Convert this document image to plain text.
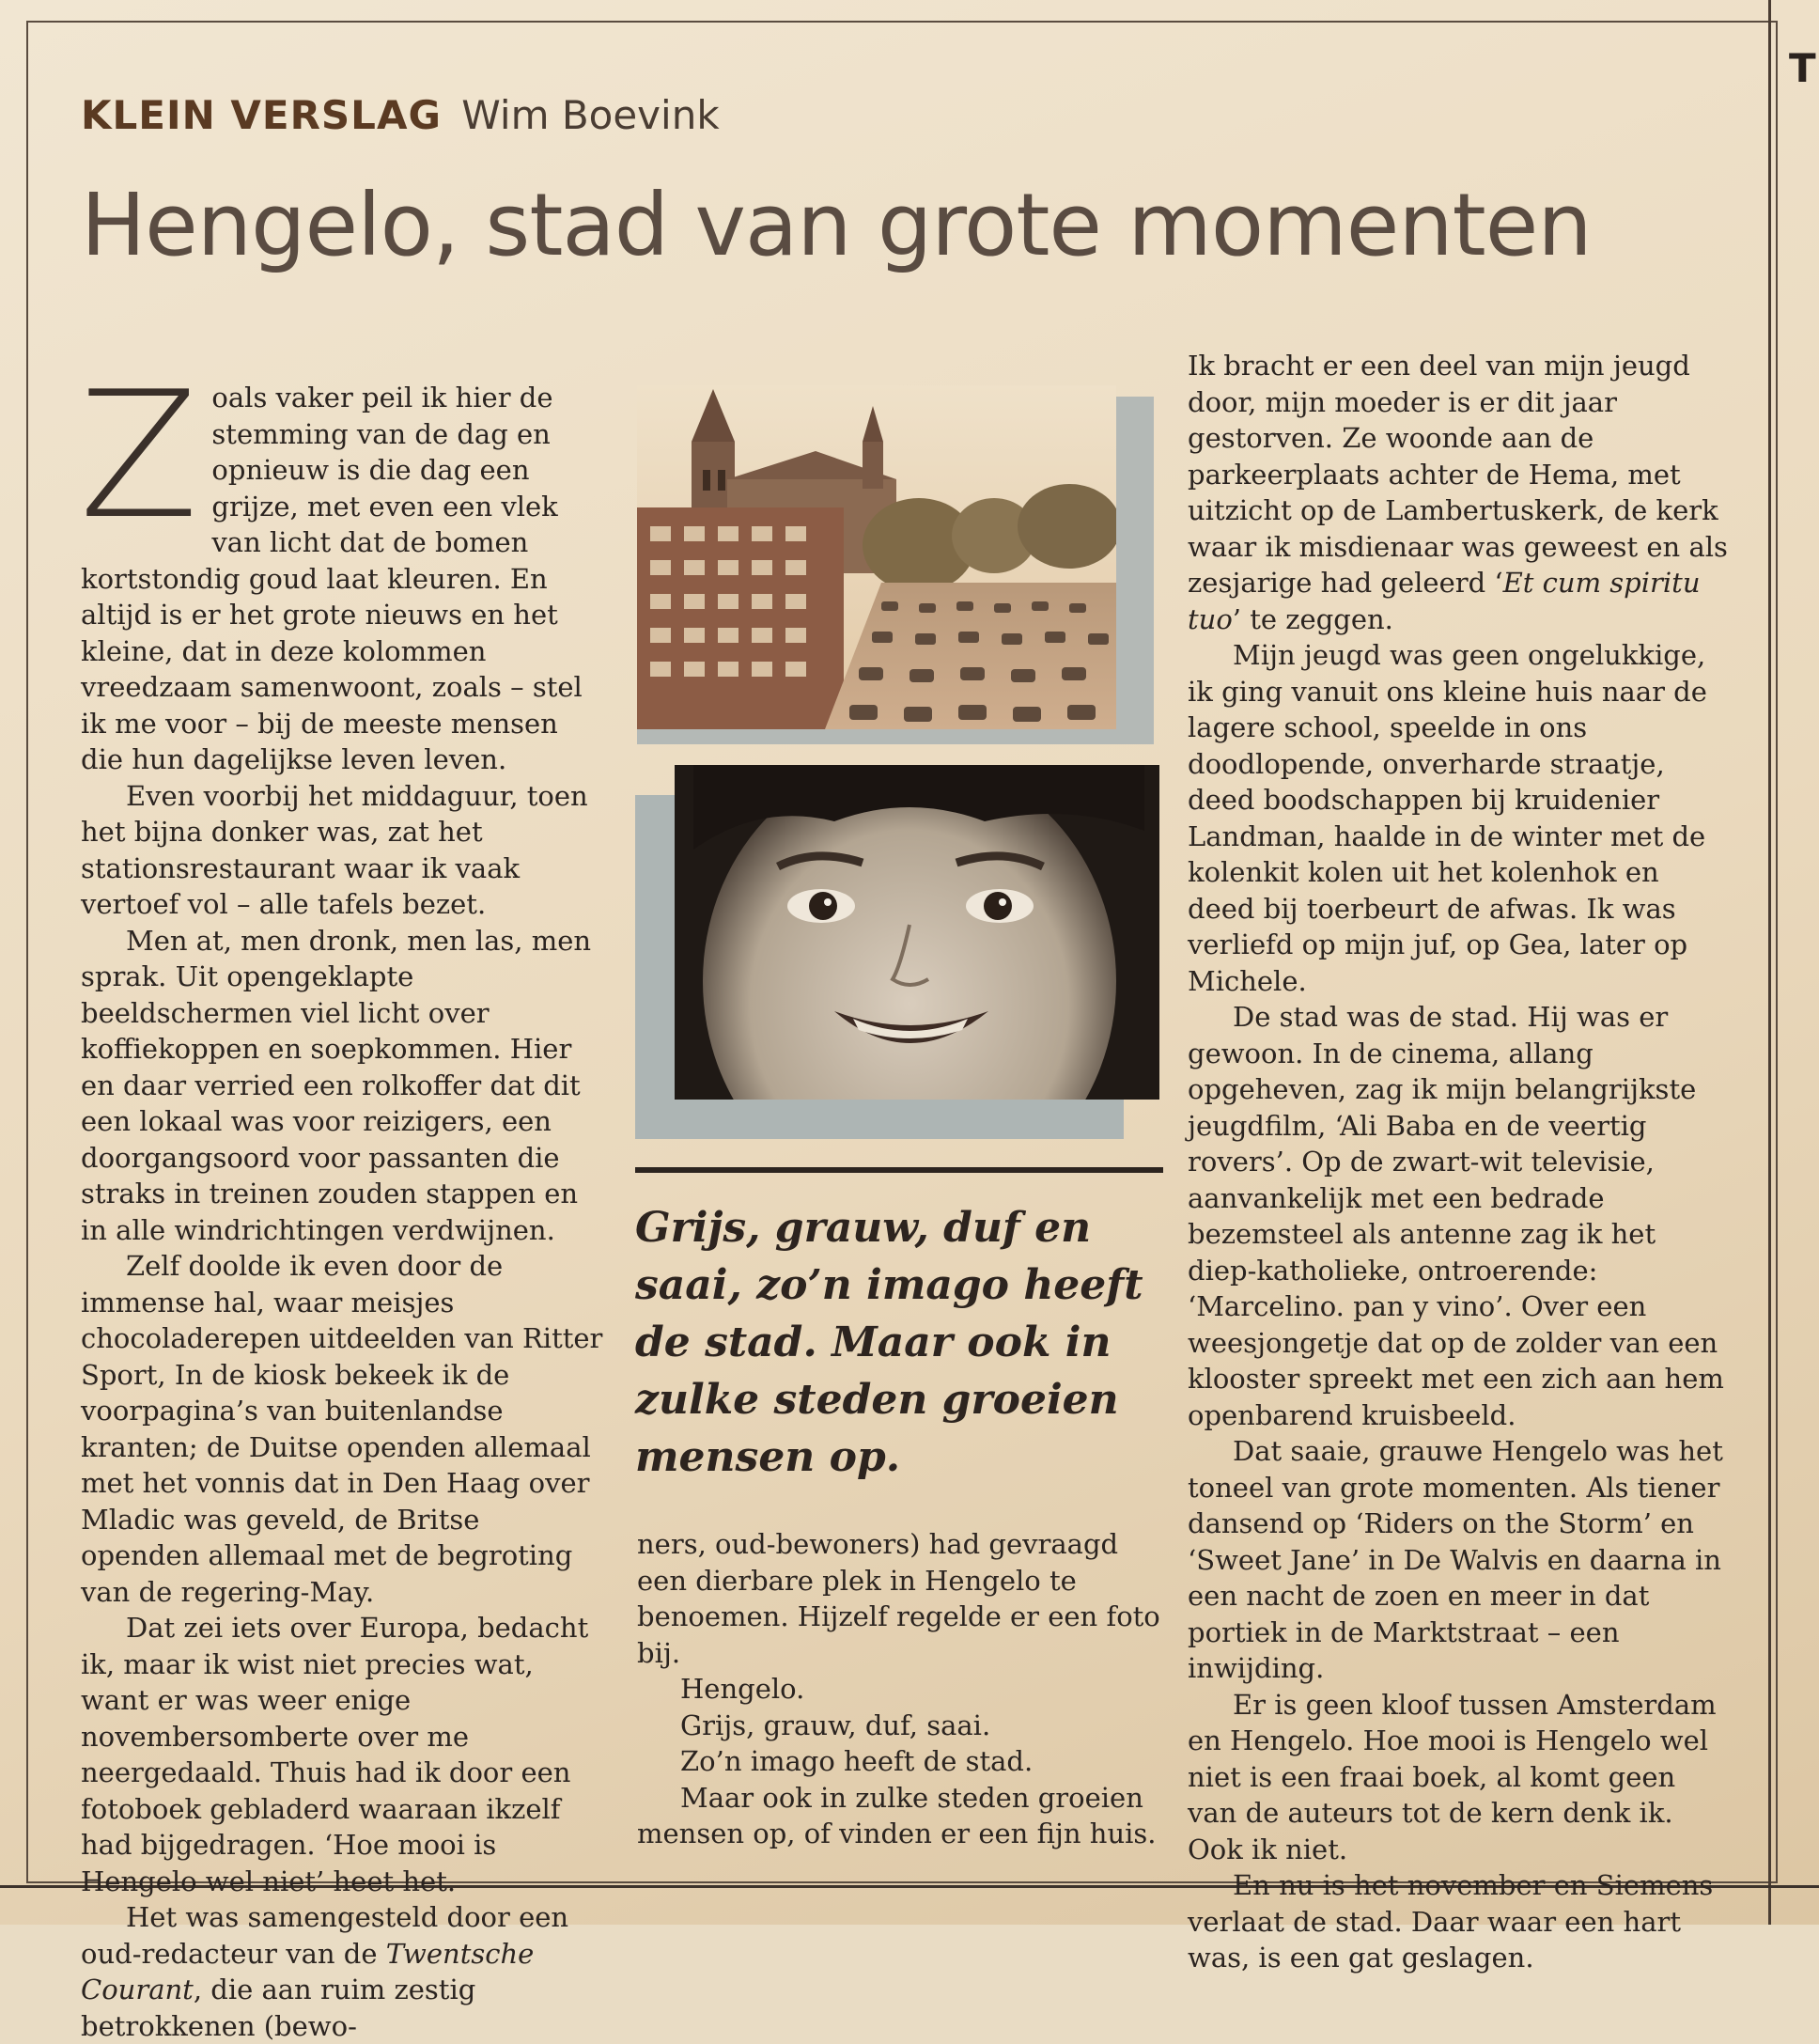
T
KLEIN VERSLAG Wim Boevink
Hengelo, stad van grote momenten

Zoals vaker peil ik hier de stemming van de dag en opnieuw is die dag een grijze, met even een vlek van licht dat de bomen kortstondig goud laat kleuren. En altijd is er het grote nieuws en het kleine, dat in deze kolommen vreedzaam samenwoont, zoals – stel ik me voor – bij de meeste mensen die hun dagelijkse leven leven.

Even voorbij het middaguur, toen het bijna donker was, zat het stationsrestaurant waar ik vaak vertoef vol – alle tafels bezet.

Men at, men dronk, men las, men sprak. Uit opengeklapte beeldschermen viel licht over koffiekoppen en soepkommen. Hier en daar verried een rolkoffer dat dit een lokaal was voor reizigers, een doorgangsoord voor passanten die straks in treinen zouden stappen en in alle windrichtingen verdwijnen.

Zelf doolde ik even door de immense hal, waar meisjes chocoladerepen uitdeelden van Ritter Sport, In de kiosk bekeek ik de voorpagina’s van buitenlandse kranten; de Duitse openden allemaal met het vonnis dat in Den Haag over Mladic was geveld, de Britse openden allemaal met de begroting van de regering-May.

Dat zei iets over Europa, bedacht ik, maar ik wist niet precies wat, want er was weer enige novembersomberte over me neergedaald. Thuis had ik door een fotoboek gebladerd waaraan ikzelf had bijgedragen. ‘Hoe mooi is Hengelo wel niet’ heet het.

Het was samengesteld door een oud-redacteur van de Twentsche Courant, die aan ruim zestig betrokkenen (bewo-

Grijs, grauw, duf en saai, zo’n imago heeft de stad. Maar ook in zulke steden groeien mensen op.

ners, oud-bewoners) had gevraagd een dierbare plek in Hengelo te benoemen. Hijzelf regelde er een foto bij.

Hengelo.

Grijs, grauw, duf, saai.

Zo’n imago heeft de stad.

Maar ook in zulke steden groeien mensen op, of vinden er een fijn huis.

Ik bracht er een deel van mijn jeugd door, mijn moeder is er dit jaar gestorven. Ze woonde aan de parkeerplaats achter de Hema, met uitzicht op de Lambertuskerk, de kerk waar ik misdienaar was geweest en als zesjarige had geleerd ‘Et cum spiritu tuo’ te zeggen.

Mijn jeugd was geen ongelukkige, ik ging vanuit ons kleine huis naar de lagere school, speelde in ons doodlopende, onverharde straatje, deed boodschappen bij kruidenier Landman, haalde in de winter met de kolenkit kolen uit het kolenhok en deed bij toerbeurt de afwas. Ik was verliefd op mijn juf, op Gea, later op Michele.

De stad was de stad. Hij was er gewoon. In de cinema, allang opgeheven, zag ik mijn belangrijkste jeugdfilm, ‘Ali Baba en de veertig rovers’. Op de zwart-wit televisie, aanvankelijk met een bedrade bezemsteel als antenne zag ik het diep-katholieke, ontroerende: ‘Marcelino. pan y vino’. Over een weesjongetje dat op de zolder van een klooster spreekt met een zich aan hem openbarend kruisbeeld.

Dat saaie, grauwe Hengelo was het toneel van grote momenten. Als tiener dansend op ‘Riders on the Storm’ en ‘Sweet Jane’ in De Walvis en daarna in een nacht de zoen en meer in dat portiek in de Marktstraat – een inwijding.

Er is geen kloof tussen Amsterdam en Hengelo. Hoe mooi is Hengelo wel niet is een fraai boek, al komt geen van de auteurs tot de kern denk ik. Ook ik niet.

En nu is het november en Siemens verlaat de stad. Daar waar een hart was, is een gat geslagen.
